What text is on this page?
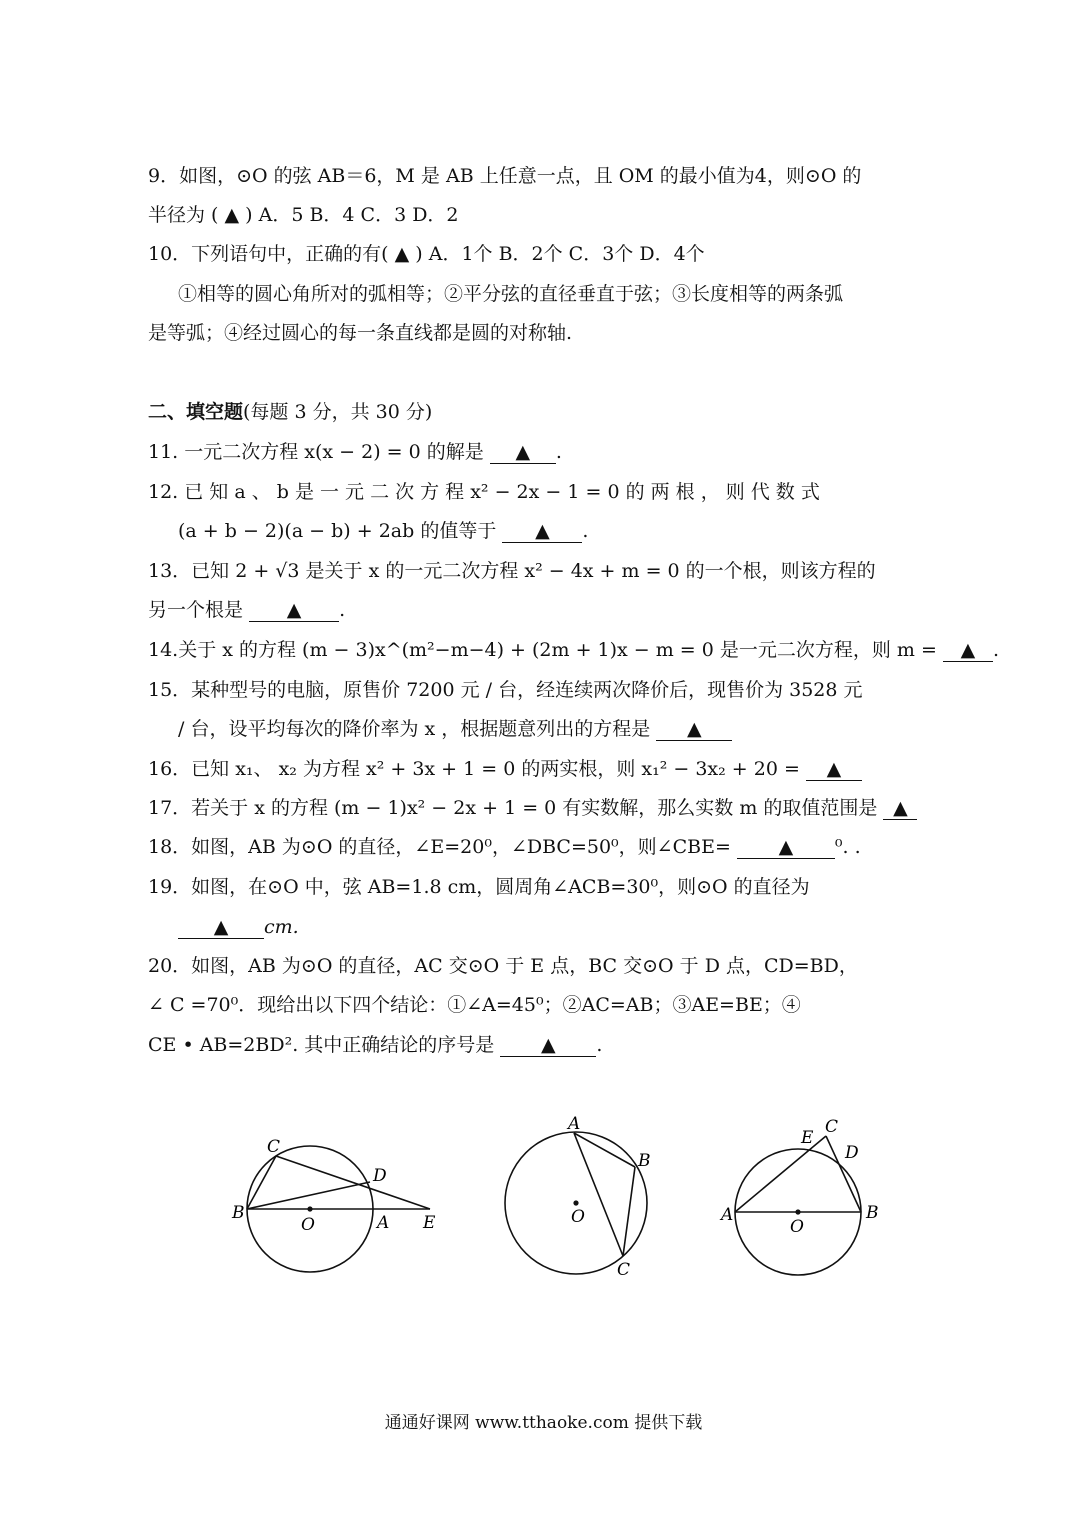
9．如图，⊙O 的弦 AB＝6，M 是 AB 上任意一点，且 OM 的最小值为4，则⊙O 的
半径为 ( ▲ ) A．5 B．4 C．3 D．2
10．下列语句中，正确的有( ▲ ) A．1个 B．2个 C．3个 D．4个
①相等的圆心角所对的弧相等；②平分弦的直径垂直于弦；③长度相等的两条弧
是等弧；④经过圆心的每一条直线都是圆的对称轴.
二、填空题(每题 3 分，共 30 分)
11. 一元二次方程 x(x − 2) = 0 的解是 ▲ .
12. 已 知 a 、 b 是 一 元 二 次 方 程 x² − 2x − 1 = 0 的 两 根 ， 则 代 数 式
(a + b − 2)(a − b) + 2ab 的值等于 ▲ .
13．已知 2 + √3 是关于 x 的一元二次方程 x² − 4x + m = 0 的一个根，则该方程的
另一个根是 ▲ .
14.关于 x 的方程 (m − 3)x^(m²−m−4) + (2m + 1)x − m = 0 是一元二次方程，则 m = ▲ .
15．某种型号的电脑，原售价 7200 元 / 台，经连续两次降价后，现售价为 3528 元
/ 台，设平均每次的降价率为 x ，根据题意列出的方程是 ▲
16．已知 x₁、 x₂ 为方程 x² + 3x + 1 = 0 的两实根，则 x₁² − 3x₂ + 20 = ▲
17．若关于 x 的方程 (m − 1)x² − 2x + 1 = 0 有实数解，那么实数 m 的取值范围是 ▲
18．如图，AB 为⊙O 的直径，∠E=20⁰，∠DBC=50⁰，则∠CBE=	▲ ⁰. .
19．如图，在⊙O 中，弦 AB=1.8 cm，圆周角∠ACB=30⁰，则⊙O 的直径为
▲ cm.
20．如图，AB 为⊙O 的直径，AC 交⊙O 于 E 点，BC 交⊙O 于 D 点，CD=BD，
∠ C =70⁰．现给出以下四个结论：①∠A=45⁰；②AC=AB；③AE=BE；④
CE • AB=2BD². 其中正确结论的序号是 ▲ .
B
C
D
O	A E
A
B
O
C
A	B
O
C
D
E
通通好课网 www.tthaoke.com 提供下载
